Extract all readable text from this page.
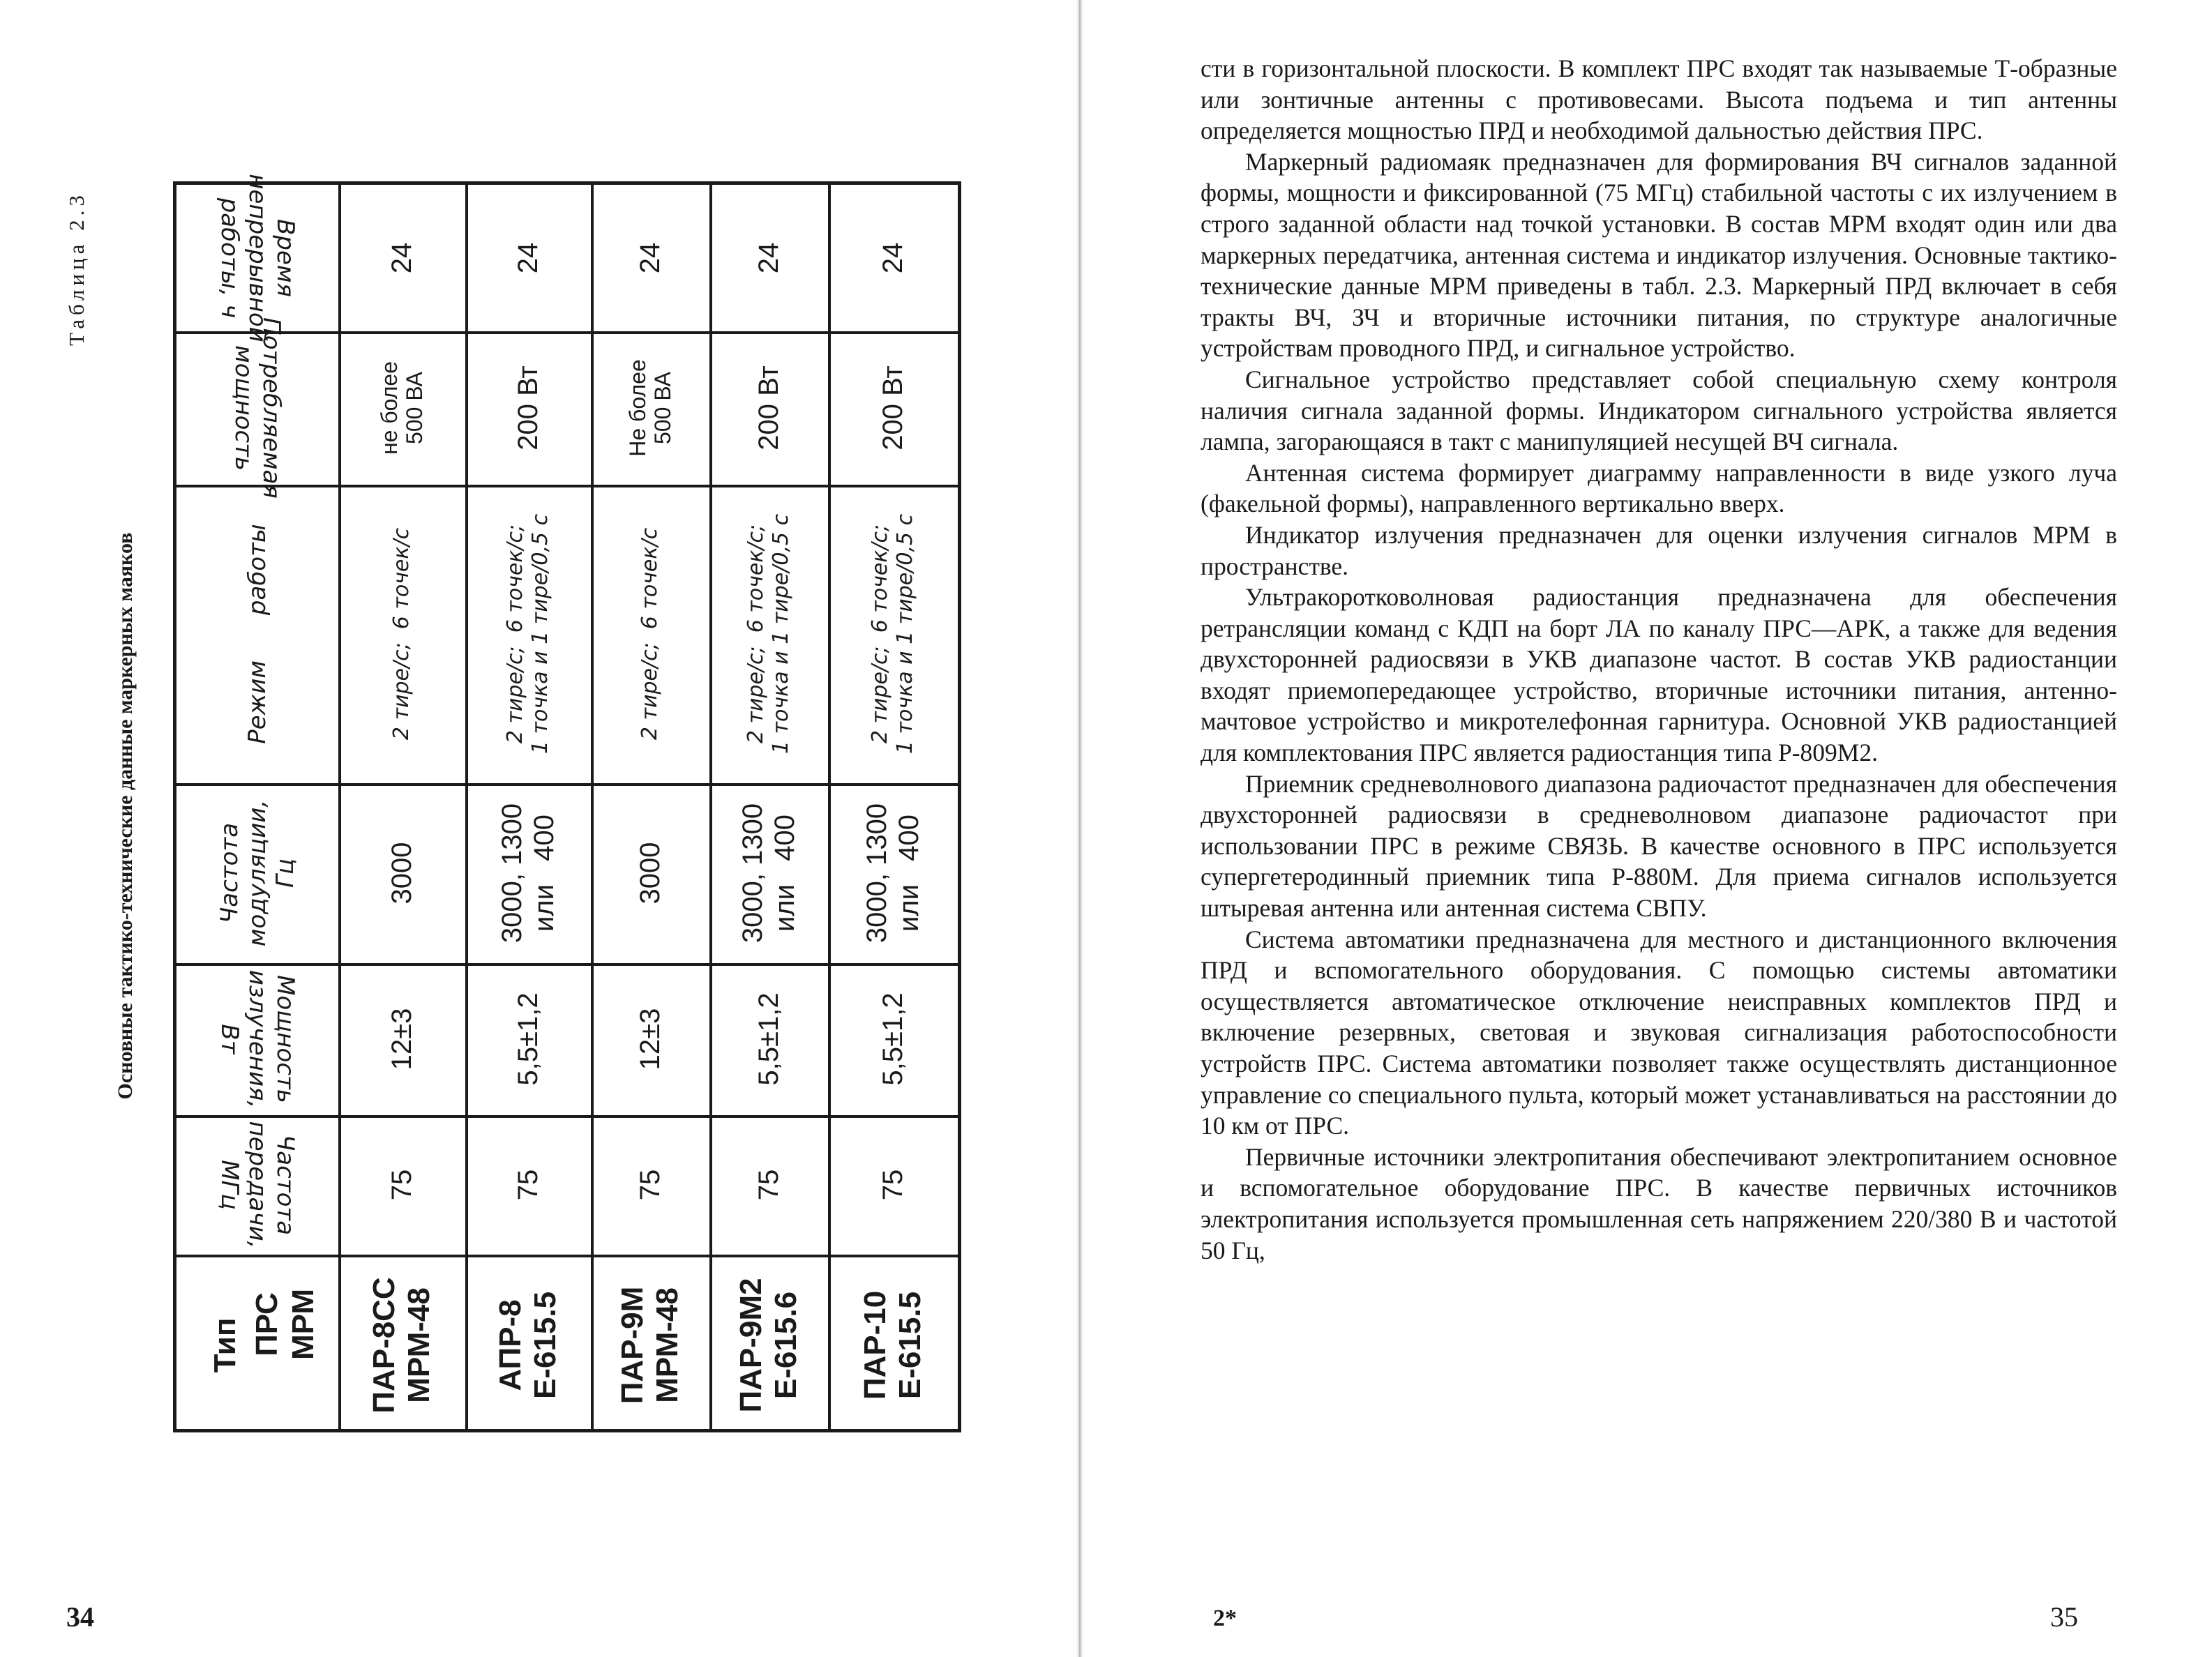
Таблица 2.3
Основные тактико-технические данные маркерных маяков
Время
непрерывной
работы, ч
Потребляемая
мощность
Режим      работы
Частота
модуляции,
Гц
Мощность
излучения,
Вт
Частота
передачи,
МГц
Тип ПРС МРМ
24
не более
500 ВА
2 тире/с;  6 точек/с
3000
12±3
75
ПАР-8СС
МРМ-48
24
200 Вт
2 тире/с;  6 точек/с;
1 точка и 1 тире/0,5 с
3000, 1300
или   400
5,5±1,2
75
АПР-8
Е-615.5
24
Не более
500 ВА
2 тире/с;  6 точек/с
3000
12±3
75
ПАР-9М
МРМ-48
24
200 Вт
2 тире/с;  6 точек/с;
1 точка и 1 тире/0,5 с
3000, 1300
или   400
5,5±1,2
75
ПАР-9М2
Е-615.6
24
200 Вт
2 тире/с;  6 точек/с;
1 точка и 1 тире/0,5 с
3000, 1300
или   400
5,5±1,2
75
ПАР-10
Е-615.5
34

сти в горизонтальной плоскости. В комплект ПРС входят так называемые Т-образные или зонтичные антенны с противовесами. Высота подъема и тип антенны определяется мощностью ПРД и необходимой дальностью действия ПРС.

Маркерный радиомаяк предназначен для формирования ВЧ сигналов заданной формы, мощности и фиксированной (75 МГц) стабильной частоты с их излучением в строго заданной области над точкой установки. В состав МРМ входят один или два маркерных передатчика, антенная система и индикатор излучения. Основные тактико-технические данные МРМ приведены в табл. 2.3. Маркерный ПРД включает в себя тракты ВЧ, ЗЧ и вторичные источники питания, по структуре аналогичные устройствам проводного ПРД, и сигнальное устройство.

Сигнальное устройство представляет собой специальную схему контроля наличия сигнала заданной формы. Индикатором сигнального устройства является лампа, загорающаяся в такт с манипуляцией несущей ВЧ сигнала.

Антенная система формирует диаграмму направленности в виде узкого луча (факельной формы), направленного вертикально вверх.

Индикатор излучения предназначен для оценки излучения сигналов МРМ в пространстве.

Ультракоротковолновая радиостанция предназначена для обеспечения ретрансляции команд с КДП на борт ЛА по каналу ПРС—АРК, а также для ведения двухсторонней радиосвязи в УКВ диапазоне частот. В состав УКВ радиостанции входят приемопередающее устройство, вторичные источники питания, антенно-мачтовое устройство и микротелефонная гарнитура. Основной УКВ радиостанцией для комплектования ПРС является радиостанция типа Р-809М2.

Приемник средневолнового диапазона радиочастот предназначен для обеспечения двухсторонней радиосвязи в средневолновом диапазоне радиочастот при использовании ПРС в режиме СВЯЗЬ. В качестве основного в ПРС используется супергетеродинный приемник типа Р-880М. Для приема сигналов используется штыревая антенна или антенная система СВПУ.

Система автоматики предназначена для местного и дистанционного включения ПРД и вспомогательного оборудования. С помощью системы автоматики осуществляется автоматическое отключение неисправных комплектов ПРД и включение резервных, световая и звуковая сигнализация работоспособности устройств ПРС. Система автоматики позволяет также осуществлять дистанционное управление со специального пульта, который может устанавливаться на расстоянии до 10 км от ПРС.

Первичные источники электропитания обеспечивают электропитанием основное и вспомогательное оборудование ПРС. В качестве первичных источников электропитания используется промышленная сеть напряжением 220/380 В и частотой 50 Гц,

2*	35
